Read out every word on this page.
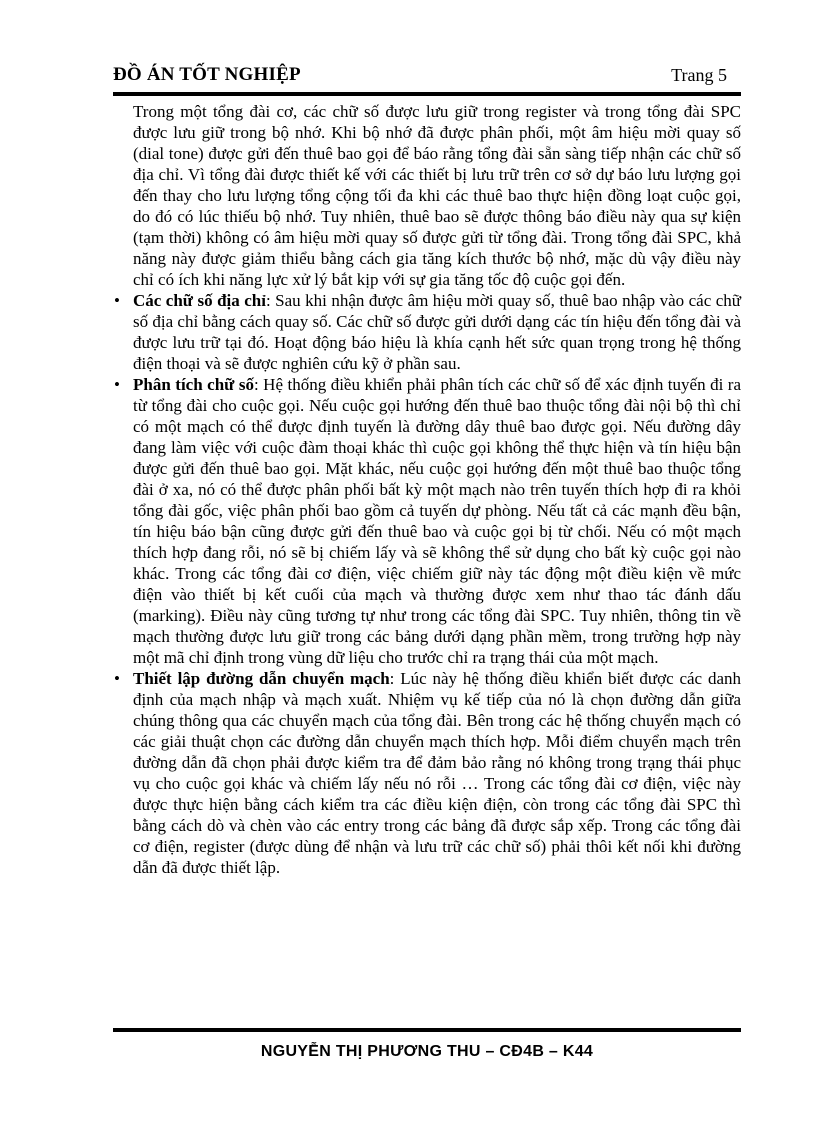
ĐỒ ÁN TỐT NGHIỆP	Trang 5

Trong một tổng đài cơ, các chữ số được lưu giữ trong register và trong tổng đài SPC được lưu giữ trong bộ nhớ. Khi bộ nhớ đã được phân phối, một âm hiệu mời quay số (dial tone) được gửi đến thuê bao gọi để báo rằng tổng đài sẵn sàng tiếp nhận các chữ số địa chỉ. Vì tổng đài được thiết kế với các thiết bị lưu trữ trên cơ sở dự báo lưu lượng gọi đến thay cho lưu lượng tổng cộng tối đa khi các thuê bao thực hiện đồng loạt cuộc gọi, do đó có lúc thiếu bộ nhớ. Tuy nhiên, thuê bao sẽ được thông báo điều này qua sự kiện (tạm thời) không có âm hiệu mời quay số được gửi từ tổng đài. Trong tổng đài SPC, khả năng này được giảm thiểu bằng cách gia tăng kích thước bộ nhớ, mặc dù vậy điều này chỉ có ích khi năng lực xử lý bắt kịp với sự gia tăng tốc độ cuộc gọi đến.

• Các chữ số địa chỉ: Sau khi nhận được âm hiệu mời quay số, thuê bao nhập vào các chữ số địa chỉ bằng cách quay số. Các chữ số được gửi dưới dạng các tín hiệu đến tổng đài và được lưu trữ tại đó. Hoạt động báo hiệu là khía cạnh hết sức quan trọng trong hệ thống điện thoại và sẽ được nghiên cứu kỹ ở phần sau.
• Phân tích chữ số: Hệ thống điều khiển phải phân tích các chữ số để xác định tuyến đi ra từ tổng đài cho cuộc gọi. Nếu cuộc gọi hướng đến thuê bao thuộc tổng đài nội bộ thì chỉ có một mạch có thể được định tuyến là đường dây thuê bao được gọi. Nếu đường dây đang làm việc với cuộc đàm thoại khác thì cuộc gọi không thể thực hiện và tín hiệu bận được gửi đến thuê bao gọi. Mặt khác, nếu cuộc gọi hướng đến một thuê bao thuộc tổng đài ở xa, nó có thể được phân phối bất kỳ một mạch nào trên tuyến thích hợp đi ra khỏi tổng đài gốc, việc phân phối bao gồm cả tuyến dự phòng. Nếu tất cả các mạnh đều bận, tín hiệu báo bận cũng được gửi đến thuê bao và cuộc gọi bị từ chối. Nếu có một mạch thích hợp đang rỗi, nó sẽ bị chiếm lấy và sẽ không thể sử dụng cho bất kỳ cuộc gọi nào khác. Trong các tổng đài cơ điện, việc chiếm giữ này tác động một điều kiện về mức điện vào thiết bị kết cuối của mạch và thường được xem như thao tác đánh dấu (marking). Điều này cũng tương tự như trong các tổng đài SPC. Tuy nhiên, thông tin về mạch thường được lưu giữ trong các bảng dưới dạng phần mềm, trong trường hợp này một mã chỉ định trong vùng dữ liệu cho trước chỉ ra trạng thái của một mạch.
• Thiết lập đường dẫn chuyển mạch: Lúc này hệ thống điều khiển biết được các danh định của mạch nhập và mạch xuất. Nhiệm vụ kế tiếp của nó là chọn đường dẫn giữa chúng thông qua các chuyển mạch của tổng đài. Bên trong các hệ thống chuyển mạch có các giải thuật chọn các đường dẫn chuyển mạch thích hợp. Mỗi điểm chuyển mạch trên đường dẫn đã chọn phải được kiểm tra để đảm bảo rằng nó không trong trạng thái phục vụ cho cuộc gọi khác và chiếm lấy nếu nó rỗi … Trong các tổng đài cơ điện, việc này được thực hiện bằng cách kiểm tra các điều kiện điện, còn trong các tổng đài SPC thì bằng cách dò và chèn vào các entry trong các bảng đã được sắp xếp. Trong các tổng đài cơ điện, register (được dùng để nhận và lưu trữ các chữ số) phải thôi kết nối khi đường dẫn đã được thiết lập.
NGUYỄN THỊ PHƯƠNG THU – CĐ4B – K44
